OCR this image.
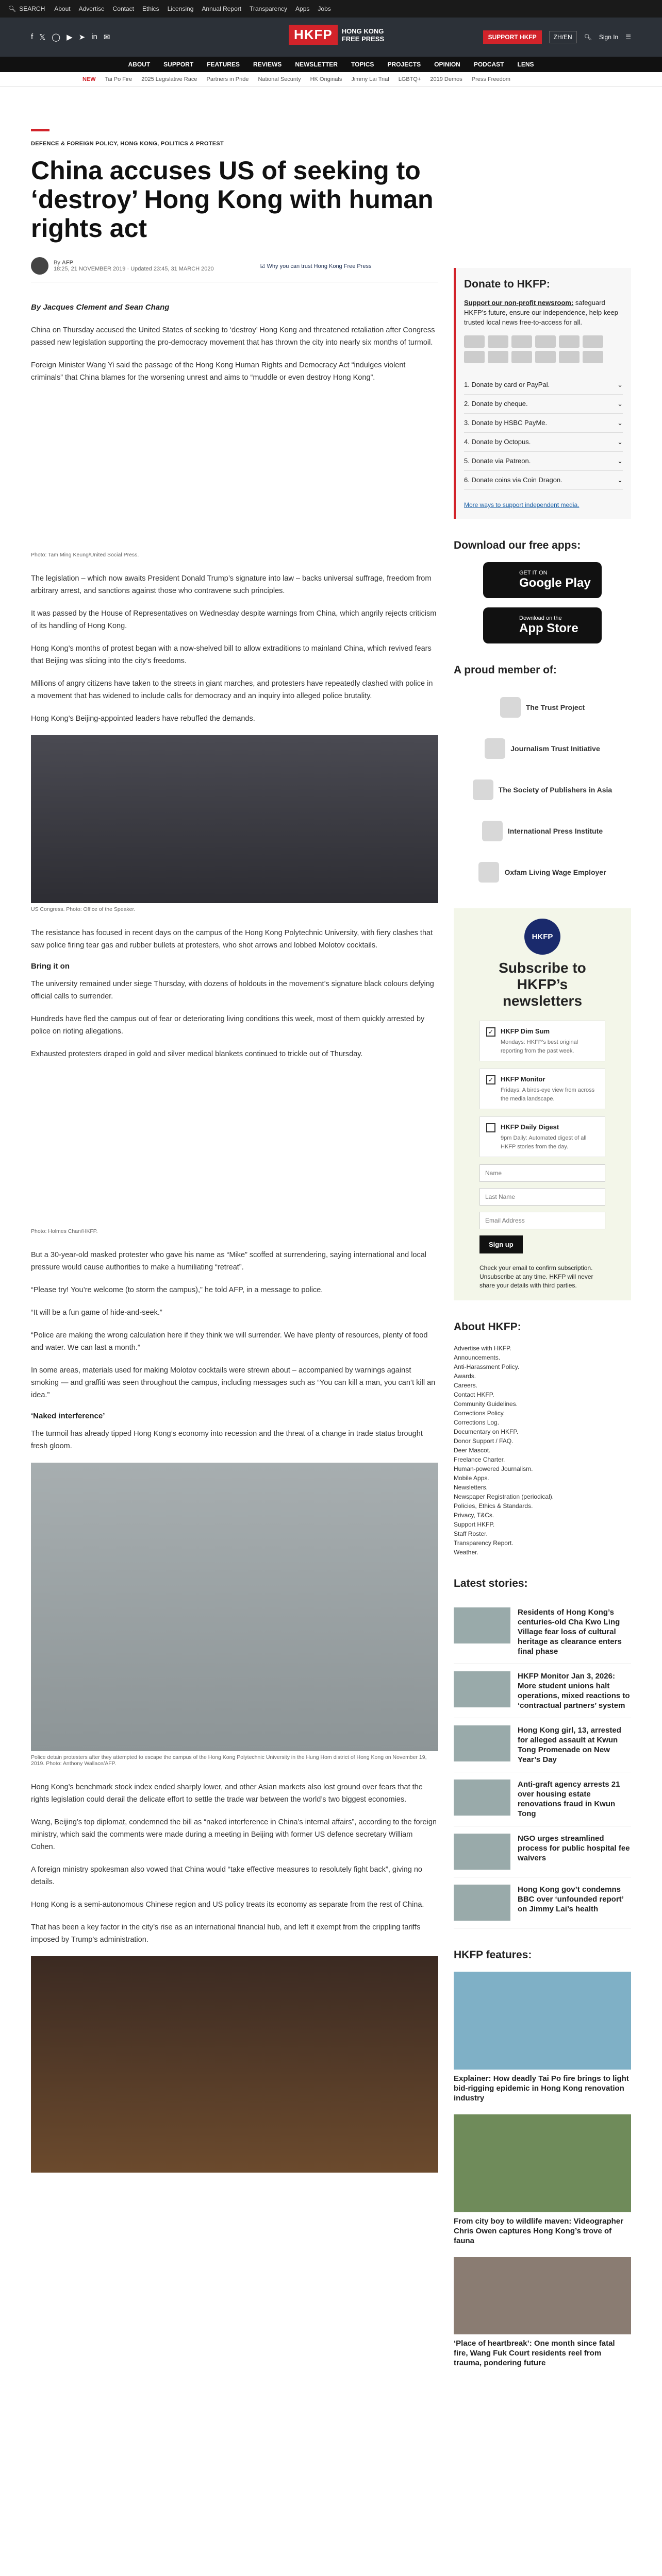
🔍︎ SEARCH About Advertise Contact Ethics Licensing Annual Report Transparency Apps Jobs
f 𝕏 ◯ ▶ ➤ in ✉	HKFP	HONG KONG
FREE PRESS	SUPPORT HKFP	ZH/EN	🔍︎ Sign In ☰
ABOUT SUPPORT FEATURES REVIEWS NEWSLETTER TOPICS PROJECTS OPINION PODCAST LENS
NEW Tai Po Fire 2025 Legislative Race Partners in Pride National Security HK Originals Jimmy Lai Trial LGBTQ+ 2019 Demos Press Freedom
DEFENCE & FOREIGN POLICY, HONG KONG, POLITICS & PROTEST
China accuses US of seeking to ‘destroy’ Hong Kong with human rights act
By AFP
18:25, 21 NOVEMBER 2019 · Updated 23:45, 31 MARCH 2020	☑ Why you can trust Hong Kong Free Press
By Jacques Clement and Sean Chang

China on Thursday accused the United States of seeking to ‘destroy’ Hong Kong and threatened retaliation after Congress passed new legislation supporting the pro-democracy movement that has thrown the city into nearly six months of turmoil.

Foreign Minister Wang Yi said the passage of the Hong Kong Human Rights and Democracy Act “indulges violent criminals” that China blames for the worsening unrest and aims to “muddle or even destroy Hong Kong”.

Photo: Tam Ming Keung/United Social Press.

The legislation – which now awaits President Donald Trump’s signature into law – backs universal suffrage, freedom from arbitrary arrest, and sanctions against those who contravene such principles.

It was passed by the House of Representatives on Wednesday despite warnings from China, which angrily rejects criticism of its handling of Hong Kong.

Hong Kong’s months of protest began with a now-shelved bill to allow extraditions to mainland China, which revived fears that Beijing was slicing into the city’s freedoms.

Millions of angry citizens have taken to the streets in giant marches, and protesters have repeatedly clashed with police in a movement that has widened to include calls for democracy and an inquiry into alleged police brutality.

Hong Kong’s Beijing-appointed leaders have rebuffed the demands.

US Congress. Photo: Office of the Speaker.

The resistance has focused in recent days on the campus of the Hong Kong Polytechnic University, with fiery clashes that saw police firing tear gas and rubber bullets at protesters, who shot arrows and lobbed Molotov cocktails.

Bring it on

The university remained under siege Thursday, with dozens of holdouts in the movement’s signature black colours defying official calls to surrender.

Hundreds have fled the campus out of fear or deteriorating living conditions this week, most of them quickly arrested by police on rioting allegations.

Exhausted protesters draped in gold and silver medical blankets continued to trickle out of Thursday.

Photo: Holmes Chan/HKFP.

But a 30-year-old masked protester who gave his name as “Mike” scoffed at surrendering, saying international and local pressure would cause authorities to make a humiliating “retreat”.

“Please try! You’re welcome (to storm the campus),” he told AFP, in a message to police.

“It will be a fun game of hide-and-seek.”

“Police are making the wrong calculation here if they think we will surrender. We have plenty of resources, plenty of food and water. We can last a month.”

In some areas, materials used for making Molotov cocktails were strewn about – accompanied by warnings against smoking — and graffiti was seen throughout the campus, including messages such as “You can kill a man, you can’t kill an idea.”

‘Naked interference’

The turmoil has already tipped Hong Kong’s economy into recession and the threat of a change in trade status brought fresh gloom.

Police detain protesters after they attempted to escape the campus of the Hong Kong Polytechnic University in the Hung Hom district of Hong Kong on November 19, 2019. Photo: Anthony Wallace/AFP.

Hong Kong’s benchmark stock index ended sharply lower, and other Asian markets also lost ground over fears that the rights legislation could derail the delicate effort to settle the trade war between the world’s two biggest economies.

Wang, Beijing’s top diplomat, condemned the bill as “naked interference in China’s internal affairs”, according to the foreign ministry, which said the comments were made during a meeting in Beijing with former US defence secretary William Cohen.

A foreign ministry spokesman also vowed that China would “take effective measures to resolutely fight back”, giving no details.

Hong Kong is a semi-autonomous Chinese region and US policy treats its economy as separate from the rest of China.

That has been a key factor in the city’s rise as an international financial hub, and left it exempt from the crippling tariffs imposed by Trump’s administration.

Donate to HKFP:
Support our non-profit newsroom: safeguard HKFP’s future, ensure our independence, help keep trusted local news free-to-access for all.
1. Donate by card or PayPal.	⌄
2. Donate by cheque.	⌄
3. Donate by HSBC PayMe.	⌄
4. Donate by Octopus.	⌄
5. Donate via Patreon.	⌄
6. Donate coins via Coin Dragon.	⌄
More ways to support independent media.
Download our free apps:
GET IT ON
Google Play
Download on the
App Store
A proud member of:
The Trust Project
Journalism Trust Initiative
The Society of Publishers in Asia
International Press Institute
Oxfam Living Wage Employer
HKFP
Subscribe to HKFP’s newsletters
✓	HKFP Dim Sum
Mondays: HKFP’s best original reporting from the past week.
✓	HKFP Monitor
Fridays: A birds-eye view from across the media landscape.
HKFP Daily Digest
9pm Daily: Automated digest of all HKFP stories from the day.
Name
Last Name
Email Address
Sign up
Check your email to confirm subscription. Unsubscribe at any time. HKFP will never share your details with third parties.
About HKFP:
Advertise with HKFP.
Announcements.
Anti-Harassment Policy.
Awards.
Careers.
Contact HKFP.
Community Guidelines.
Corrections Policy.
Corrections Log.
Documentary on HKFP.
Donor Support / FAQ.
Deer Mascot.
Freelance Charter.
Human-powered Journalism.
Mobile Apps.
Newsletters.
Newspaper Registration (periodical).
Policies, Ethics & Standards.
Privacy, T&Cs.
Support HKFP.
Staff Roster.
Transparency Report.
Weather.
Latest stories:
Residents of Hong Kong’s centuries-old Cha Kwo Ling Village fear loss of cultural heritage as clearance enters final phase
HKFP Monitor Jan 3, 2026: More student unions halt operations, mixed reactions to ‘contractual partners’ system
Hong Kong girl, 13, arrested for alleged assault at Kwun Tong Promenade on New Year’s Day
Anti-graft agency arrests 21 over housing estate renovations fraud in Kwun Tong
NGO urges streamlined process for public hospital fee waivers
Hong Kong gov’t condemns BBC over ‘unfounded report’ on Jimmy Lai’s health
HKFP features:
Explainer: How deadly Tai Po fire brings to light bid-rigging epidemic in Hong Kong renovation industry
From city boy to wildlife maven: Videographer Chris Owen captures Hong Kong’s trove of fauna
‘Place of heartbreak’: One month since fatal fire, Wang Fuk Court residents reel from trauma, pondering future
